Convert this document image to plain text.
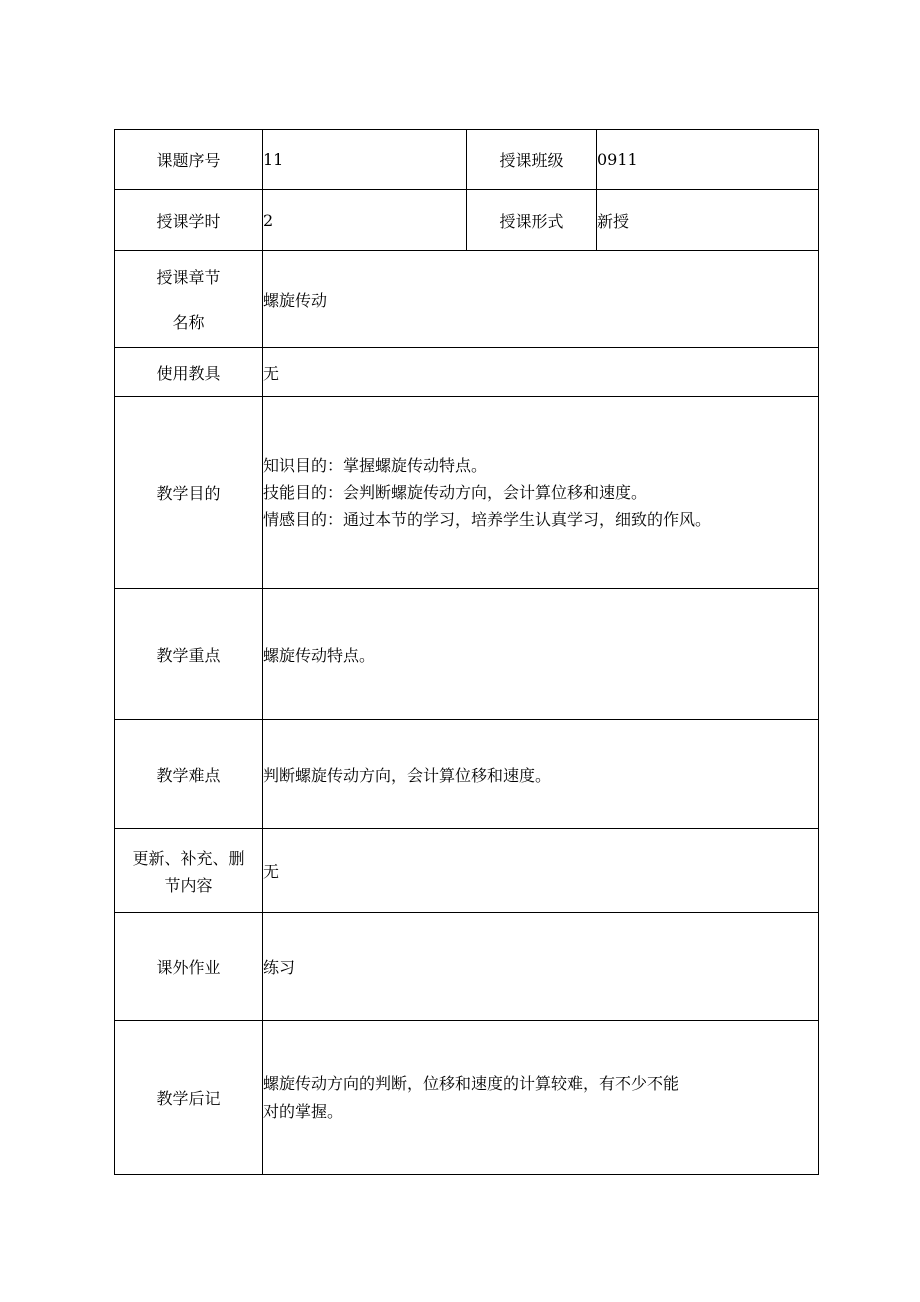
课题序号	11	授课班级	0911
授课学时	2	授课形式	新授

授课章节
名称	螺旋传动		
使用教具	无		
教学目的	知识目的：掌握螺旋传动特点。

技能目的：会判断螺旋传动方向，会计算位移和速度。

情感目的：通过本节的学习，培养学生认真学习，细致的作风。		

教学重点	螺旋传动特点。		
教学难点	判断螺旋传动方向，会计算位移和速度。		

更新、补充、删
节内容	无		
课外作业	练习		
教学后记	螺旋传动方向的判断，位移和速度的计算较难，有不少不能

对的掌握。		
